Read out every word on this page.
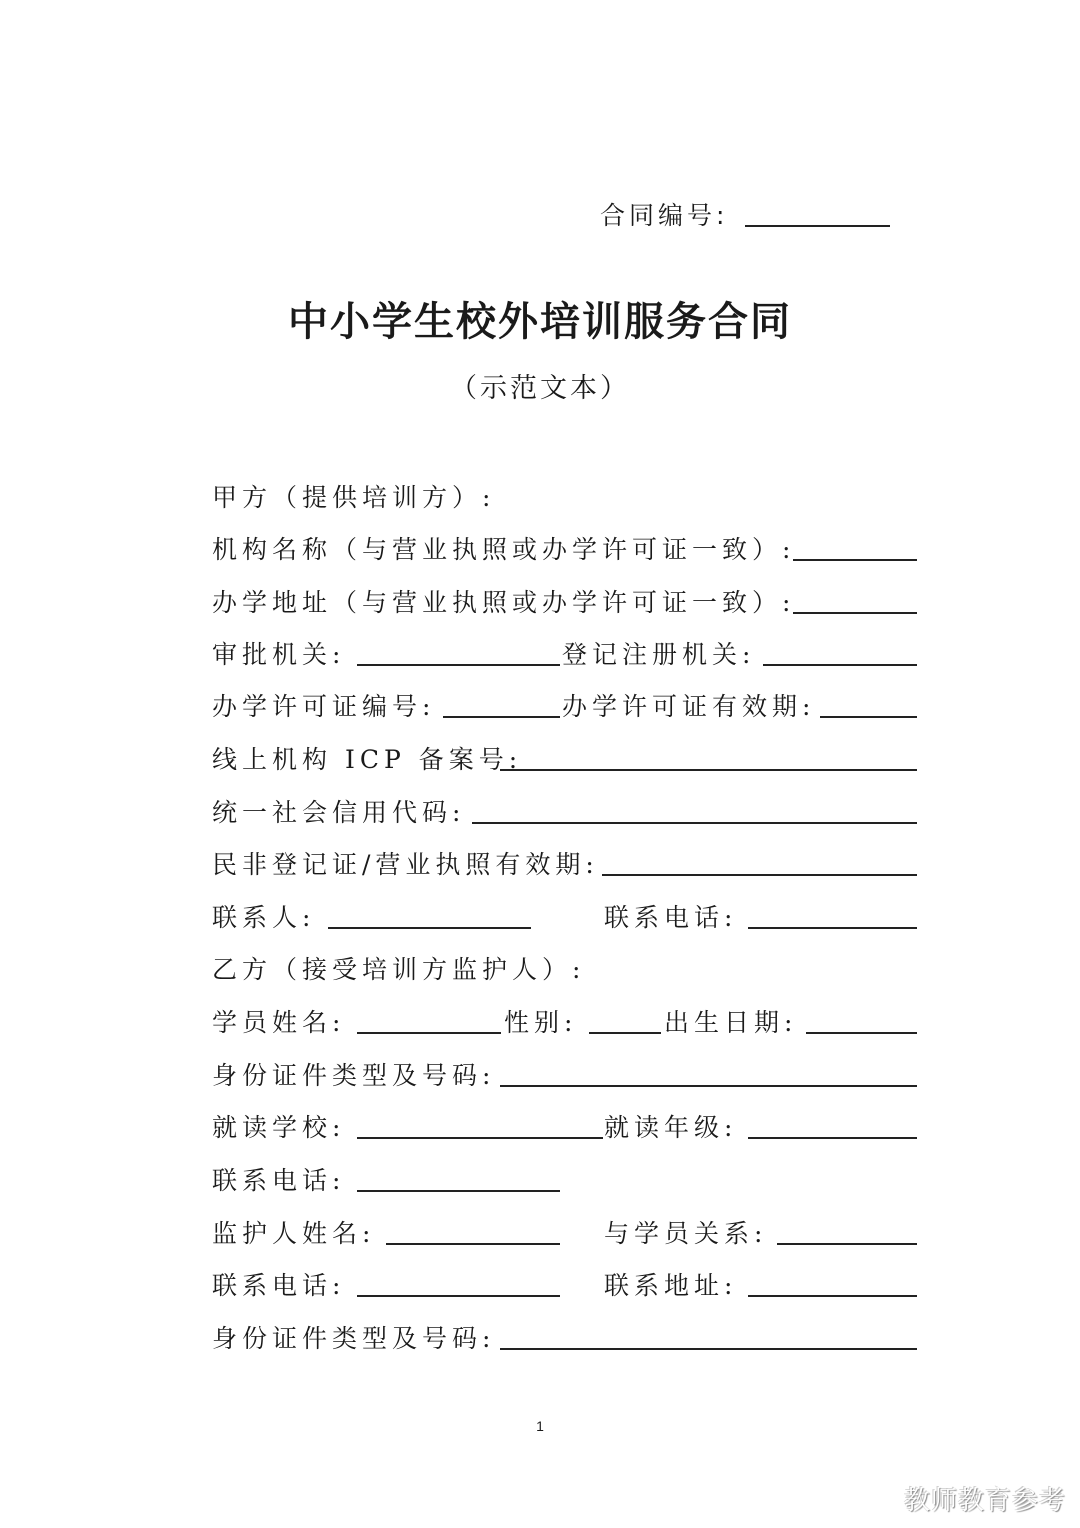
合同编号:
中小学生校外培训服务合同
（示范文本）
甲方（提供培训方）:
机构名称（与营业执照或办学许可证一致）:
办学地址（与营业执照或办学许可证一致）:
审批机关:	登记注册机关:
办学许可证编号:	办学许可证有效期:
线上机构 ICP 备案号:
统一社会信用代码:
民非登记证/营业执照有效期:
联系人:	联系电话:
乙方（接受培训方监护人）:
学员姓名:	性别:	出生日期:
身份证件类型及号码:
就读学校:	就读年级:
联系电话:
监护人姓名:	与学员关系:
联系电话:	联系地址:
身份证件类型及号码:
1
教师教育参考
